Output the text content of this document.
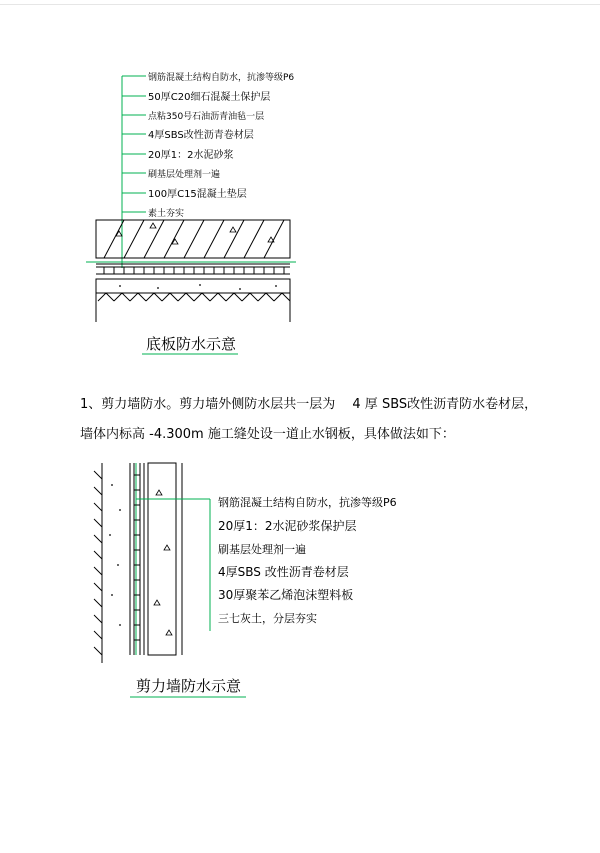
钢筋混凝土结构自防水，抗渗等级P6
50厚C20细石混凝土保护层
点粘350号石油沥青油毡一层
4厚SBS改性沥青卷材层
20厚1：2水泥砂浆
刷基层处理剂一遍
100厚C15混凝土垫层
素土夯实
底板防水示意
1、剪力墙防水。剪力墙外侧防水层共一层为　 4 厚 SBS改性沥青防水卷材层，
墙体内标高 -4.300m 施工缝处设一道止水钢板，具体做法如下：
钢筋混凝土结构自防水，抗渗等级P6
20厚1：2水泥砂浆保护层
刷基层处理剂一遍
4厚SBS 改性沥青卷材层
30厚聚苯乙烯泡沫塑料板
三七灰土，分层夯实
剪力墙防水示意
